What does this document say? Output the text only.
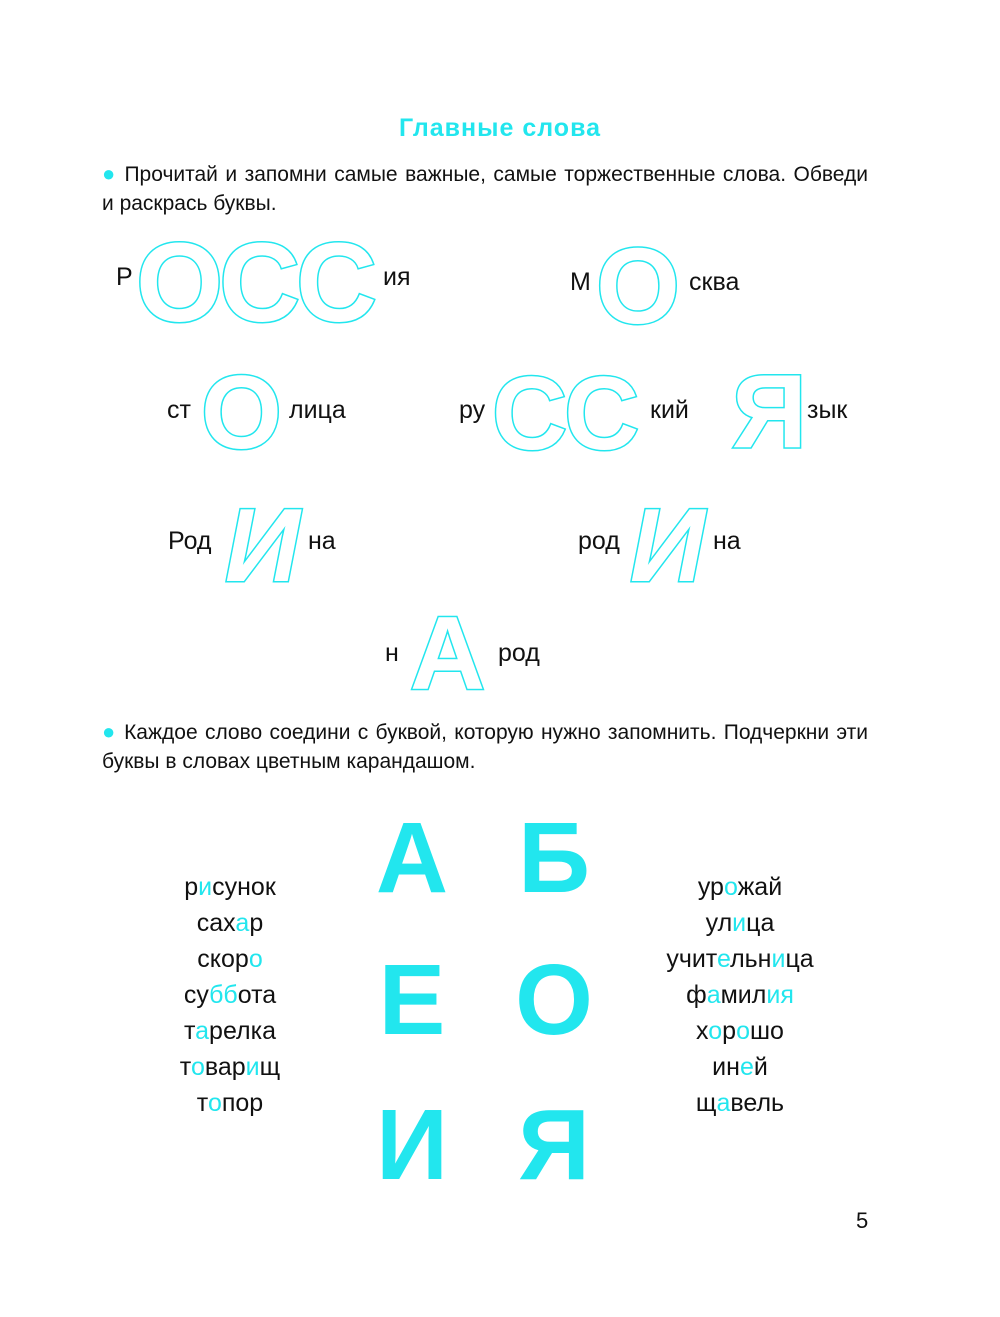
Главные слова
● Прочитай и запомни самые важные, самые торжественные слова. Обведи и раскрась буквы.
Р ОСС ия	М О сква
ст О лица	ру СС кий Я зык
Род И на	род И на
н А род
● Каждое слово соедини с буквой, которую нужно запомнить. Подчеркни эти буквы в словах цветным карандашом.
А Б
Е О
И Я
рисунок
сахар
скоро
суббота
тарелка
товарищ
топор
урожай
улица
учительница
фамилия
хорошо
иней
щавель
5
